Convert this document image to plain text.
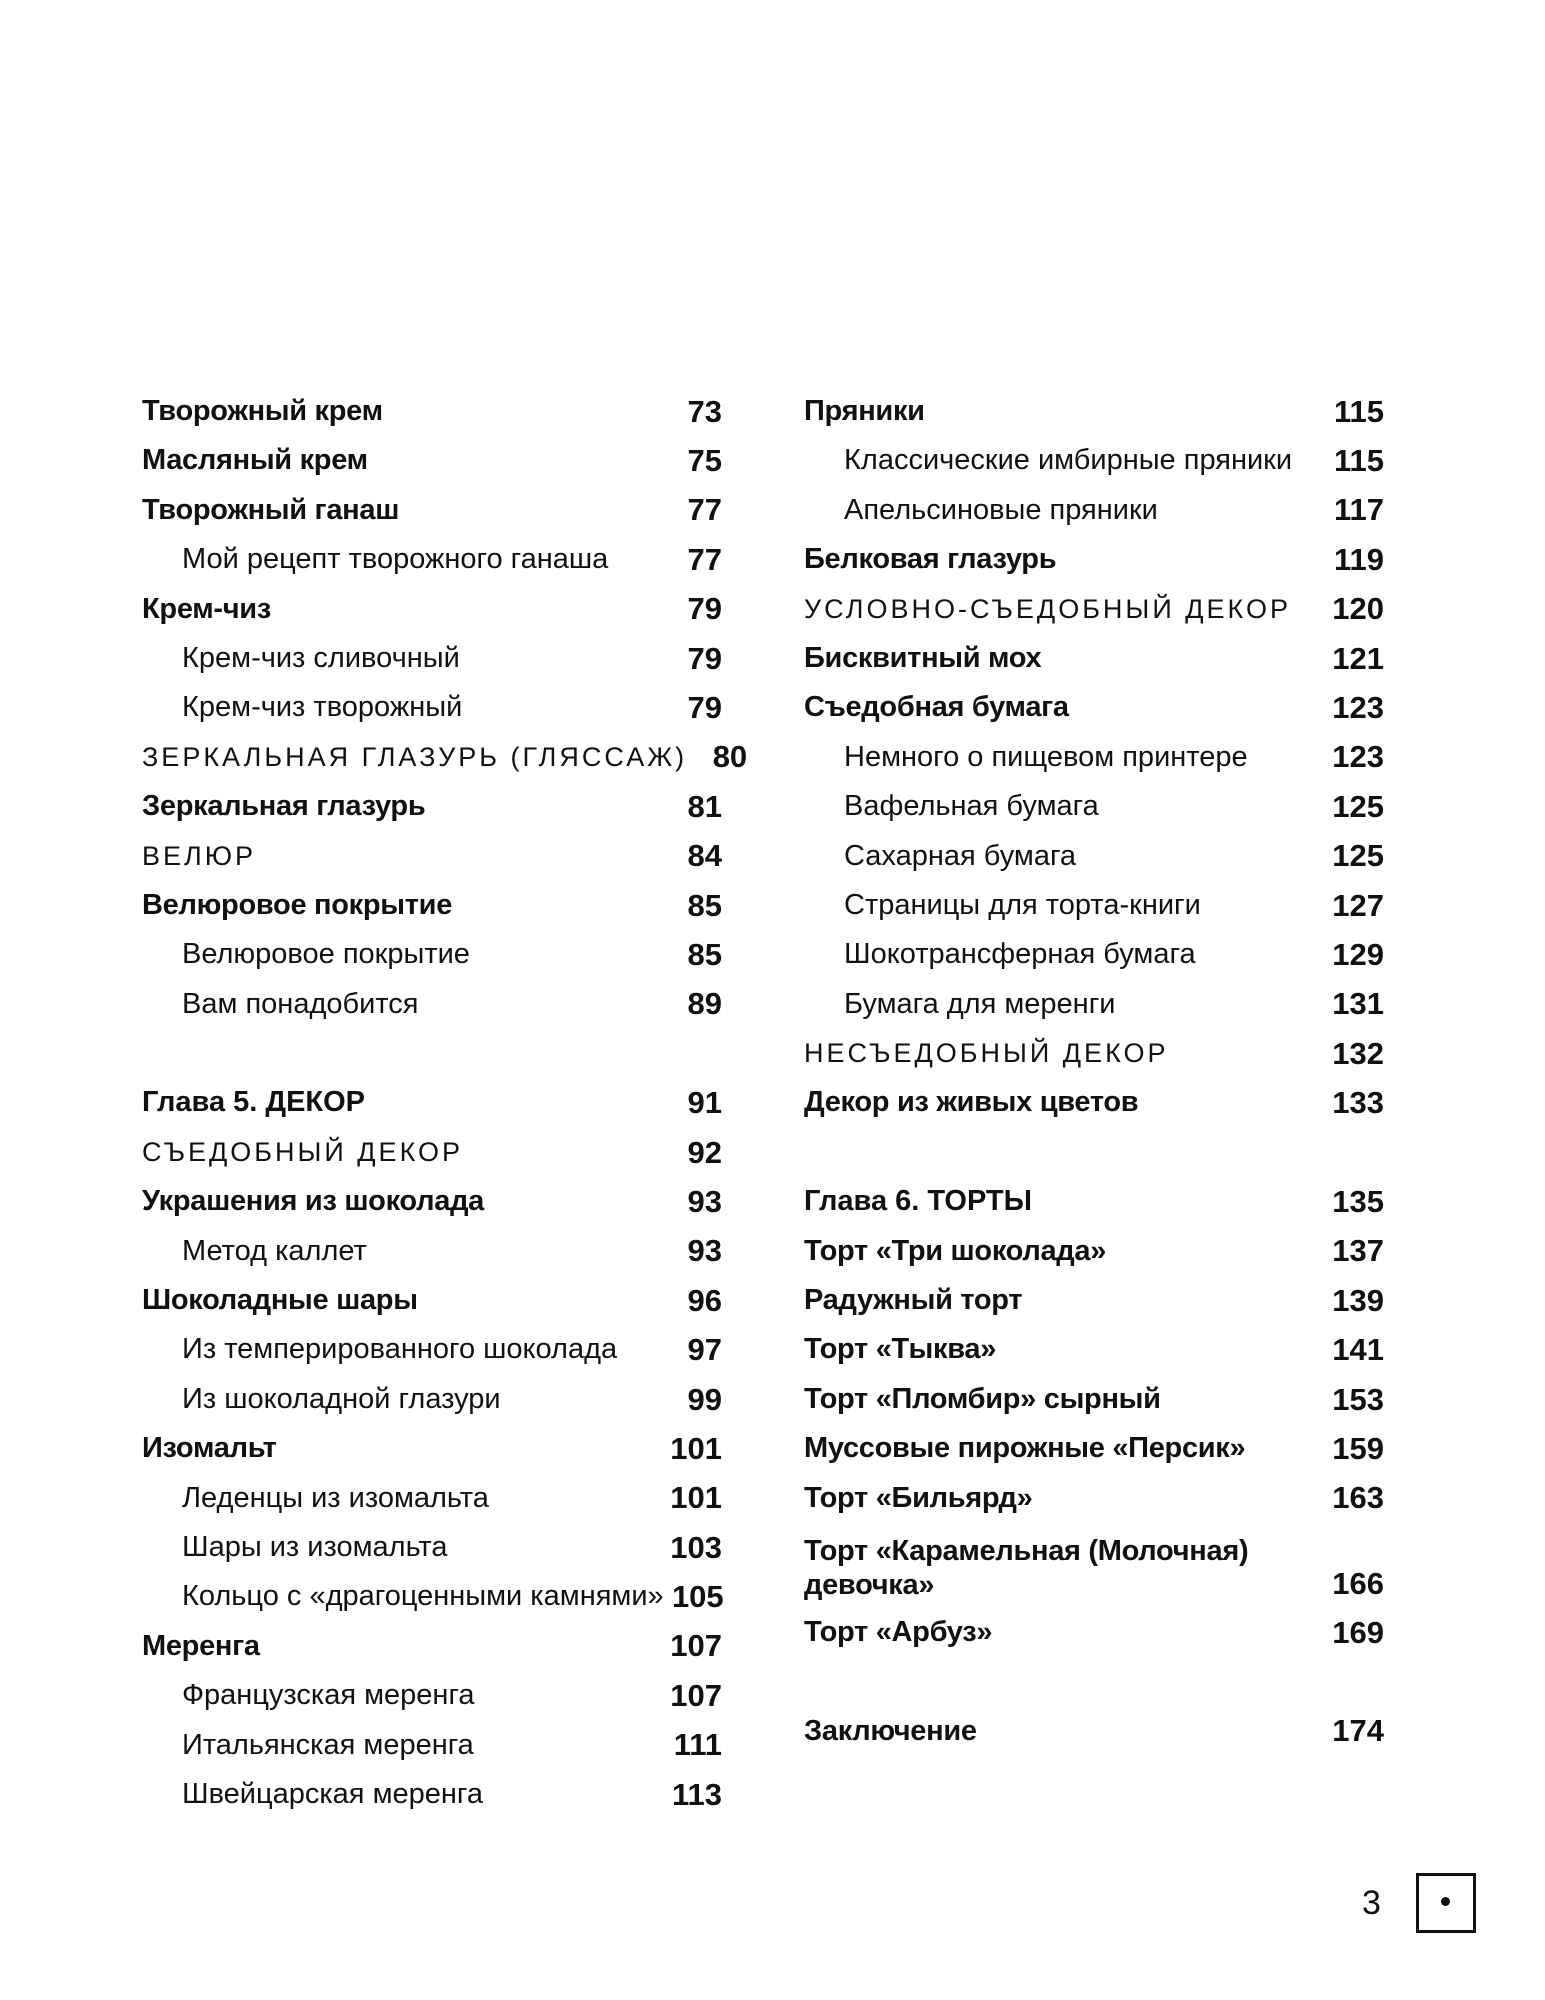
Творожный крем	73
Масляный крем	75
Творожный ганаш	77
Мой рецепт творожного ганаша	77
Крем-чиз	79
Крем-чиз сливочный	79
Крем-чиз творожный	79
ЗЕРКАЛЬНАЯ ГЛАЗУРЬ (ГЛЯССАЖ) 80
Зеркальная глазурь	81
ВЕЛЮР	84
Велюровое покрытие	85
Велюровое покрытие	85
Вам понадобится	89
Глава 5. ДЕКОР	91
СЪЕДОБНЫЙ ДЕКОР	92
Украшения из шоколада	93
Метод каллет	93
Шоколадные шары	96
Из темперированного шоколада	97
Из шоколадной глазури	99
Изомальт	101
Леденцы из изомальта	101
Шары из изомальта	103
Кольцо с «драгоценными камнями» 105
Меренга	107
Французская меренга	107
Итальянская меренга	111
Швейцарская меренга	113
Пряники	115
Классические имбирные пряники	115
Апельсиновые пряники	117
Белковая глазурь	119
УСЛОВНО-СЪЕДОБНЫЙ ДЕКОР 120
Бисквитный мох	121
Съедобная бумага	123
Немного о пищевом принтере	123
Вафельная бумага	125
Сахарная бумага	125
Страницы для торта-книги	127
Шокотрансферная бумага	129
Бумага для меренги	131
НЕСЪЕДОБНЫЙ ДЕКОР	132
Декор из живых цветов	133
Глава 6. ТОРТЫ	135
Торт «Три шоколада»	137
Радужный торт	139
Торт «Тыква»	141
Торт «Пломбир» сырный	153
Муссовые пирожные «Персик»	159
Торт «Бильярд»	163
Торт «Карамельная (Молочная) девочка»	166
Торт «Арбуз»	169
Заключение	174
3
